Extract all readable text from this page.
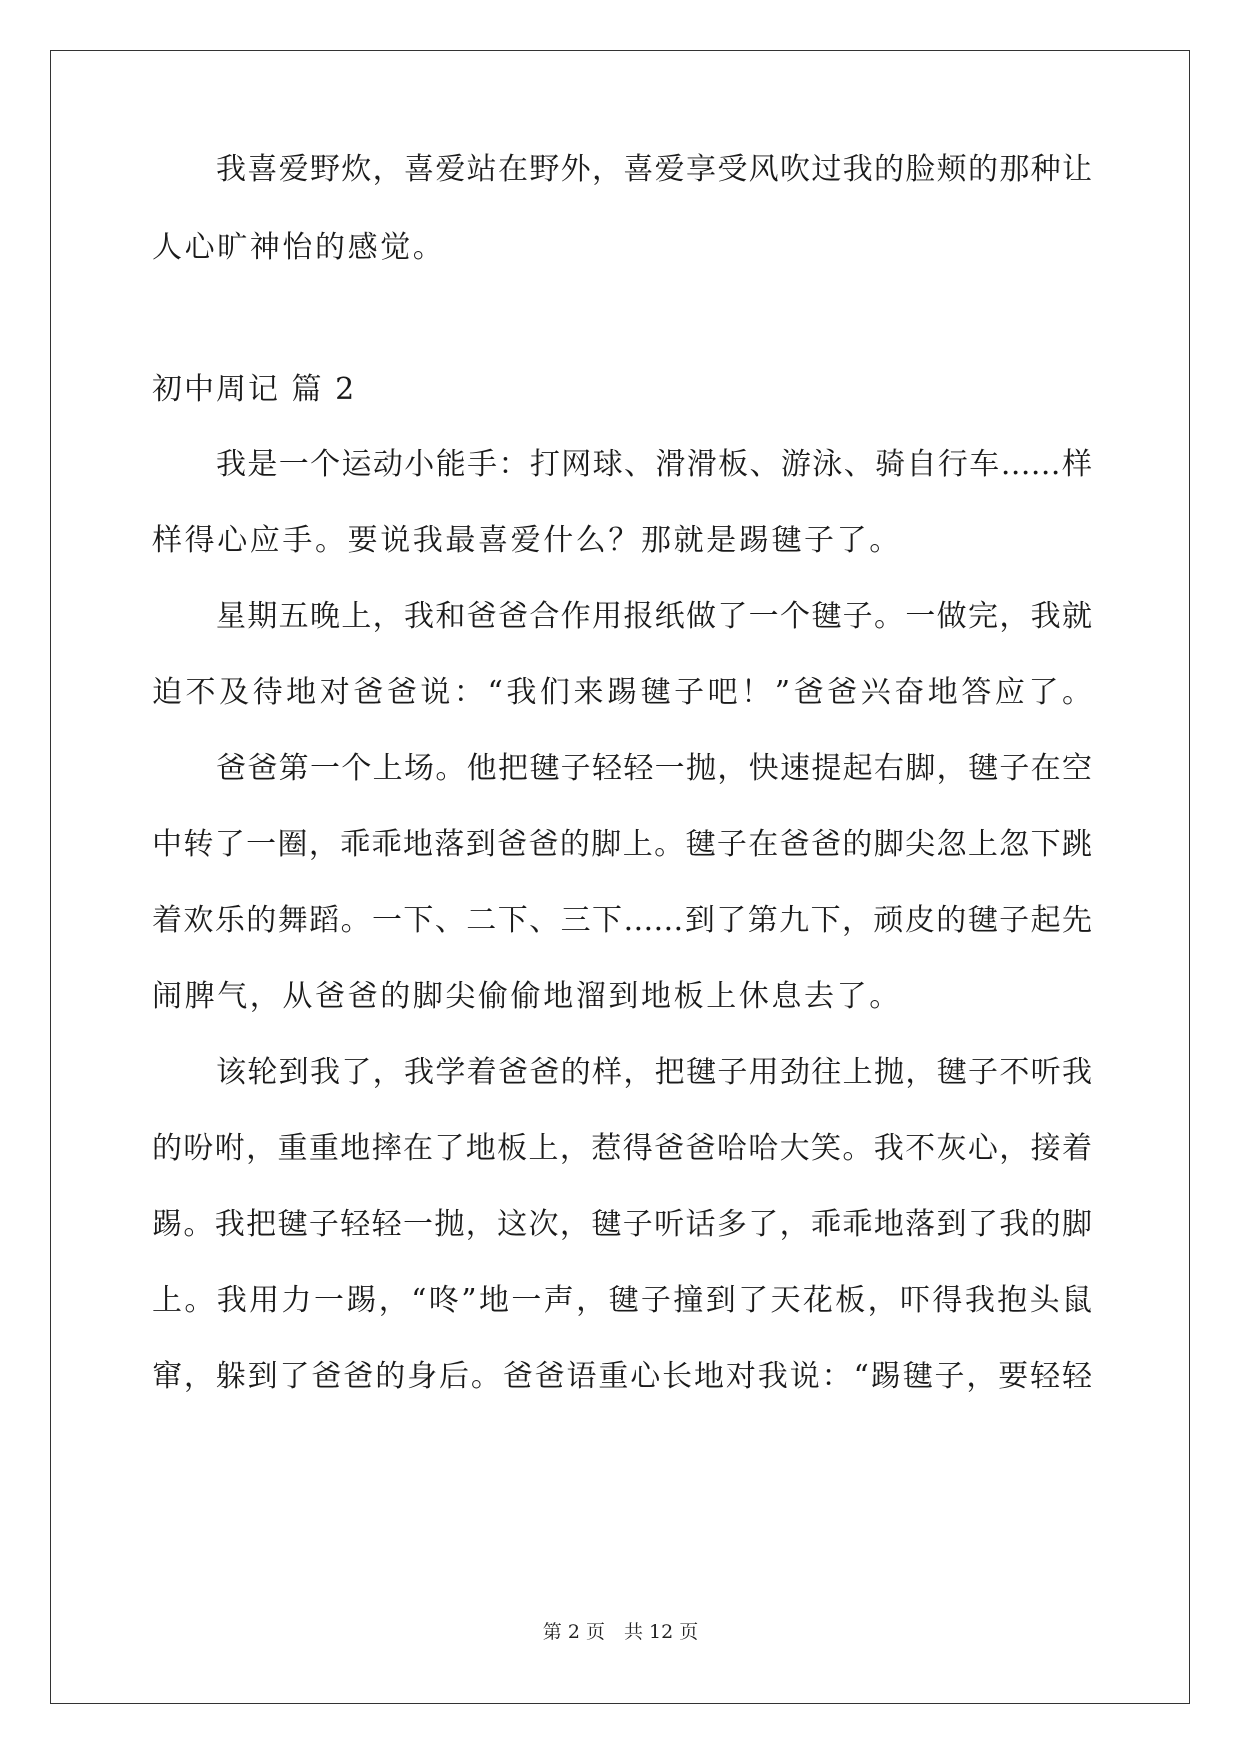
我喜爱野炊，喜爱站在野外，喜爱享受风吹过我的脸颊的那种让
人心旷神怡的感觉。
初中周记 篇 2
我是一个运动小能手：打网球、滑滑板、游泳、骑自行车……样
样得心应手。要说我最喜爱什么？那就是踢毽子了。
星期五晚上，我和爸爸合作用报纸做了一个毽子。一做完，我就
迫不及待地对爸爸说：“我们来踢毽子吧！”爸爸兴奋地答应了。
爸爸第一个上场。他把毽子轻轻一抛，快速提起右脚，毽子在空
中转了一圈，乖乖地落到爸爸的脚上。毽子在爸爸的脚尖忽上忽下跳
着欢乐的舞蹈。一下、二下、三下……到了第九下，顽皮的毽子起先
闹脾气，从爸爸的脚尖偷偷地溜到地板上休息去了。
该轮到我了，我学着爸爸的样，把毽子用劲往上抛，毽子不听我
的吩咐，重重地摔在了地板上，惹得爸爸哈哈大笑。我不灰心，接着
踢。我把毽子轻轻一抛，这次，毽子听话多了，乖乖地落到了我的脚
上。我用力一踢，“咚”地一声，毽子撞到了天花板，吓得我抱头鼠
窜，躲到了爸爸的身后。爸爸语重心长地对我说：“踢毽子，要轻轻
第 2 页　共 12 页
